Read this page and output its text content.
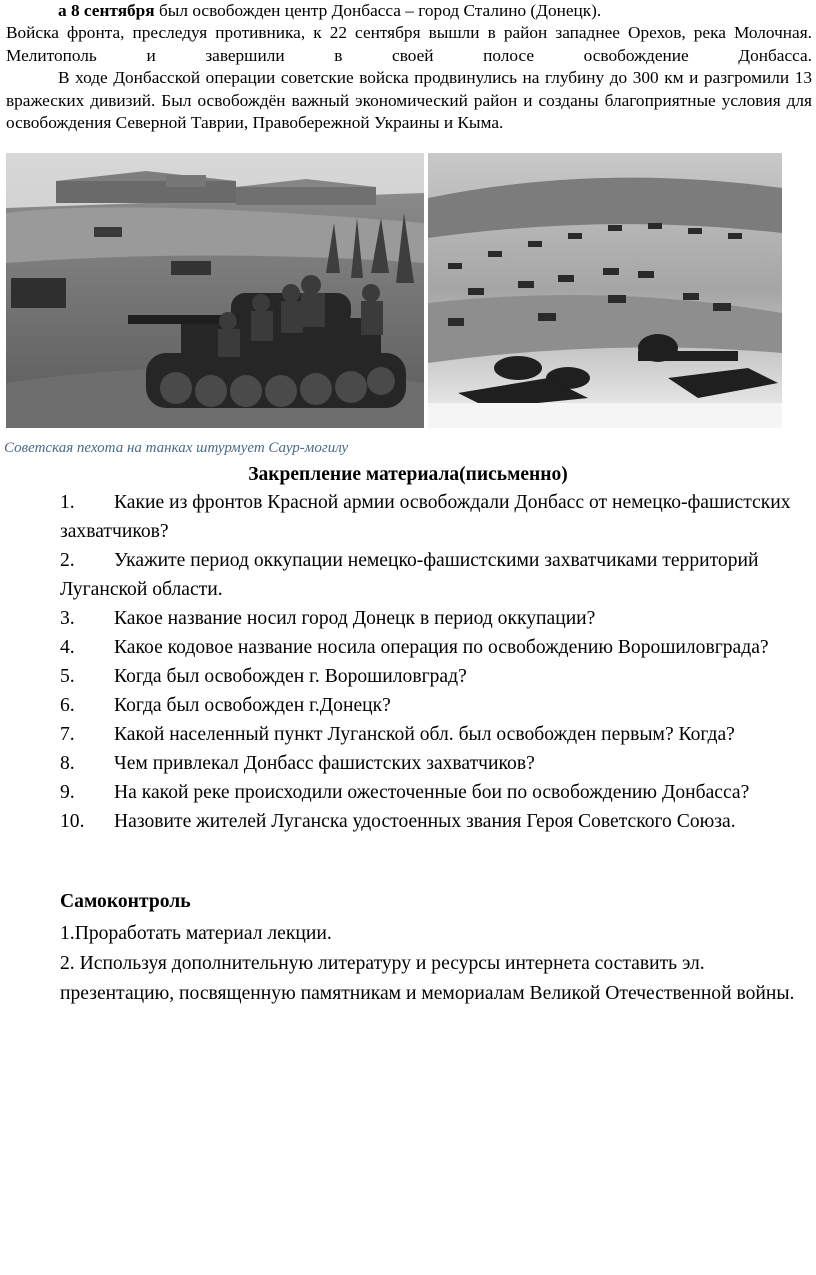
а 8 сентября был освобожден центр Донбасса – город Сталино (Донецк).

Войска фронта, преследуя противника, к 22 сентября вышли в район западнее Орехов, река Молочная. Мелитополь и завершили в своей полосе освобождение Донбасса.

В ходе Донбасской операции советские войска продвинулись на глубину до 300 км и разгромили 13 вражеских дивизий. Был освобождён важный экономический район и созданы благоприятные условия для освобождения Северной Таврии, Правобережной Украины и Кыма.

Советская пехота на танках штурмует Саур-могилу
Закрепление материала(письменно)
1.	Какие из фронтов Красной армии освобождали Донбасс от немецко-фашистских захватчиков?
2.	Укажите период оккупации немецко-фашистскими захватчиками территорий Луганской области.
3.	Какое название носил город Донецк в период оккупации?
4.	Какое кодовое название носила операция по освобождению Ворошиловграда?
5.	Когда был освобожден г. Ворошиловград?
6.	Когда был освобожден г.Донецк?
7.	Какой населенный пункт Луганской обл. был освобожден первым? Когда?
8.	Чем привлекал Донбасс фашистских захватчиков?
9.	На какой реке происходили ожесточенные бои по освобождению Донбасса?
10.	Назовите жителей Луганска удостоенных звания Героя Советского Союза.
Самоконтроль

1.Проработать материал лекции.

2. Используя дополнительную литературу и ресурсы интернета составить эл. презентацию, посвященную памятникам и мемориалам Великой Отечественной войны.
